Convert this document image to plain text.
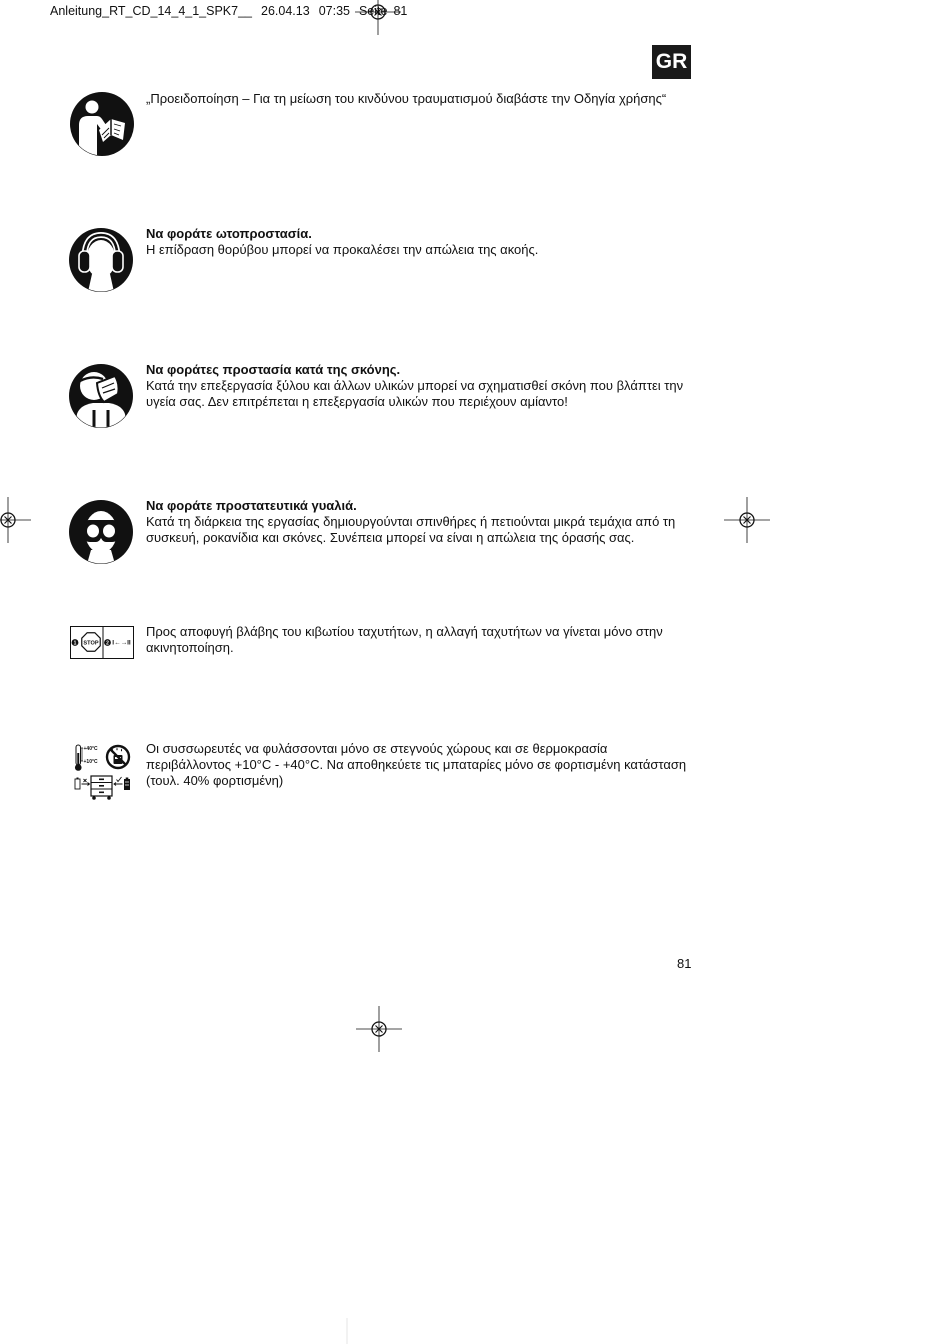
Anleitung_RT_CD_14_4_1_SPK7__ 26.04.13 07:35 Seite 81
GR
„Προειδοποίηση – Για τη μείωση του κινδύνου τραυματισμού διαβάστε την Οδηγία χρήσης“
Να φοράτε ωτοπροστασία.
Η επίδραση θορύβου μπορεί να προκαλέσει την απώλεια της ακοής.
Να φοράτες προστασία κατά της σκόνης.
Κατά την επεξεργασία ξύλου και άλλων υλικών μπορεί να σχηματισθεί σκόνη που βλάπτει την
υγεία σας. Δεν επιτρέπεται η επεξεργασία υλικών που περιέχουν αμίαντο!
Να φοράτε προστατευτικά γυαλιά.
Κατά τη διάρκεια της εργασίας δημιουργούνται σπινθήρες ή πετιούνται μικρά τεμάχια από τη
συσκευή, ροκανίδια και σκόνες. Συνέπεια μπορεί να είναι η απώλεια της όρασής σας.
1 STOP 2 I←→II
Προς αποφυγή βλάβης του κιβωτίου ταχυτήτων, η αλλαγή ταχυτήτων να γίνεται μόνο στην
ακινητοποίηση.
+40°C
+10°C
Οι συσσωρευτές να φυλάσσονται μόνο σε στεγνούς χώρους και σε θερμοκρασία
περιβάλλοντος +10°C - +40°C. Να αποθηκεύετε τις μπαταρίες μόνο σε φορτισμένη κατάσταση
(τουλ. 40% φορτισμένη)
81
